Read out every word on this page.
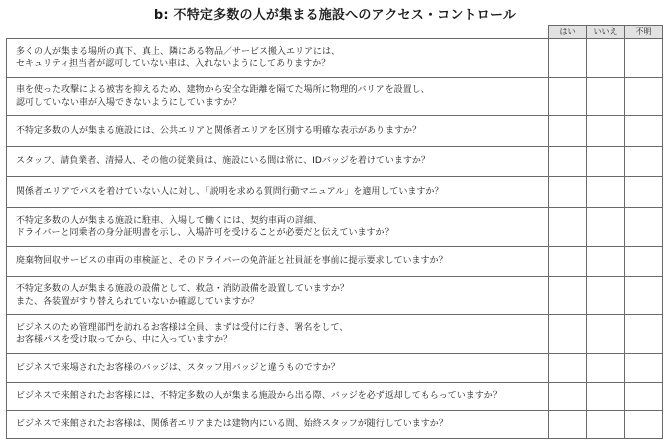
b: 不特定多数の人が集まる施設へのアクセス・コントロール
	はい	いいえ	不明
多くの人が集まる場所の真下、真上、隣にある物品／サービス搬入エリアには、
セキュリティ担当者が認可していない車は、入れないようにしてありますか？			
車を使った攻撃による被害を抑えるため、建物から安全な距離を隔てた場所に物理的バリアを設置し、
認可していない車が入場できないようにしていますか？			
不特定多数の人が集まる施設には、公共エリアと関係者エリアを区別する明確な表示がありますか？			
スタッフ、請負業者、清掃人、その他の従業員は、施設にいる間は常に、IDバッジを着けていますか？			
関係者エリアでパスを着けていない人に対し、「説明を求める質問行動マニュアル」を適用していますか？			
不特定多数の人が集まる施設に駐車、入場して働くには、契約車両の詳細、
ドライバーと同乗者の身分証明書を示し、入場許可を受けることが必要だと伝えていますか？			
廃棄物回収サービスの車両の車検証と、そのドライバーの免許証と社員証を事前に提示要求していますか？			
不特定多数の人が集まる施設の設備として、救急・消防設備を設置していますか？
また、各装置がすり替えられていないか確認していますか？			
ビジネスのため管理部門を訪れるお客様は全員、まずは受付に行き、署名をして、
お客様パスを受け取ってから、中に入っていますか？			
ビジネスで来場されたお客様のバッジは、スタッフ用バッジと違うものですか？			
ビジネスで来館されたお客様には、不特定多数の人が集まる施設から出る際、バッジを必ず返却してもらっていますか？			
ビジネスで来館されたお客様は、関係者エリアまたは建物内にいる間、始終スタッフが随行していますか？			
